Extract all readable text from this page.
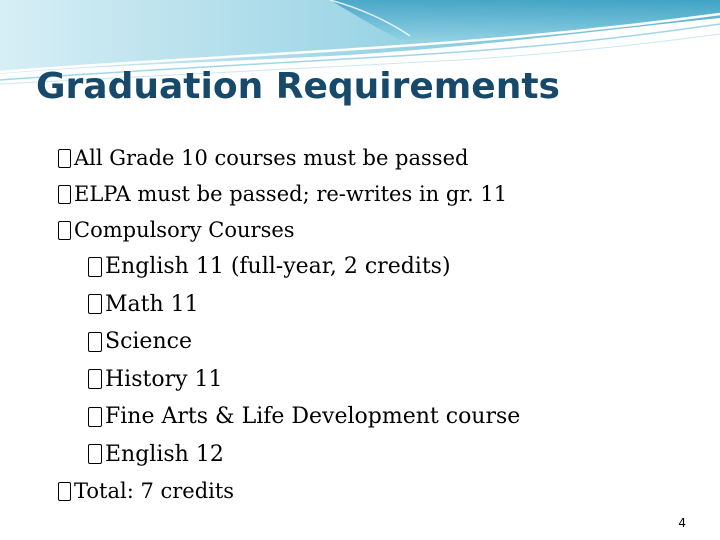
Graduation Requirements
All Grade 10 courses must be passed
ELPA must be passed; re-writes in gr. 11
Compulsory Courses
English 11 (full-year, 2 credits)
Math 11
Science
History 11
Fine Arts & Life Development course
English 12
Total: 7 credits
4
